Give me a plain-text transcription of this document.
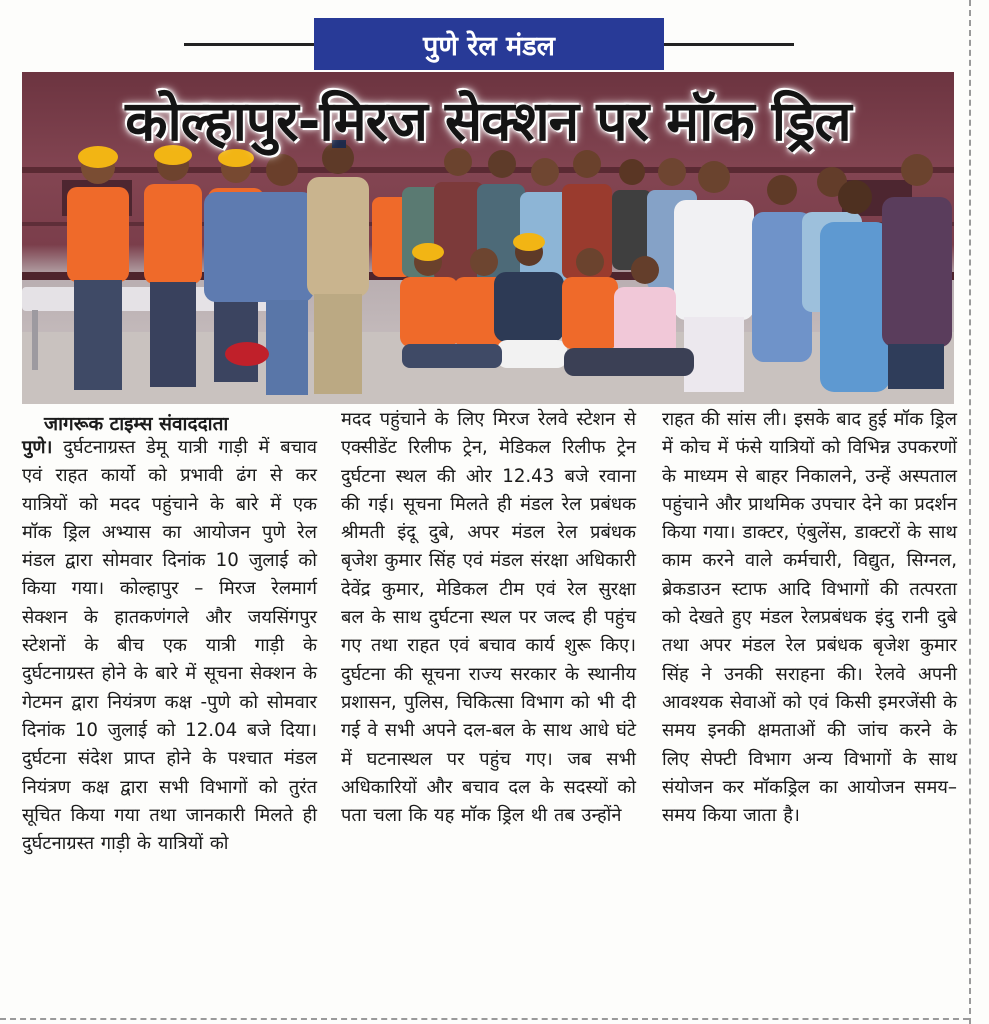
पुणे रेल मंडल
कोल्हापुर-मिरज सेक्शन पर मॉक ड्रिल
जागरूक टाइम्स संवाददाता
पुणे। दुर्घटनाग्रस्त डेमू यात्री गाड़ी में बचाव एवं राहत कार्यो को प्रभावी ढंग से कर यात्रियों को मदद पहुंचाने के बारे में एक मॉक ड्रिल अभ्यास का आयोजन पुणे रेल मंडल द्वारा सोमवार दिनांक 10 जुलाई को किया गया। कोल्हापुर – मिरज रेलमार्ग सेक्शन के हातकणंगले और जयसिंगपुर स्टेशनों के बीच एक यात्री गाड़ी के दुर्घटनाग्रस्त होने के बारे में सूचना सेक्शन के गेटमन द्वारा नियंत्रण कक्ष -पुणे को सोमवार दिनांक 10 जुलाई को 12.04 बजे दिया। दुर्घटना संदेश प्राप्त होने के पश्चात मंडल नियंत्रण कक्ष द्वारा सभी विभागों को तुरंत सूचित किया गया तथा जानकारी मिलते ही दुर्घटनाग्रस्त गाड़ी के यात्रियों को
मदद पहुंचाने के लिए मिरज रेलवे स्टेशन से एक्सीडेंट रिलीफ ट्रेन, मेडिकल रिलीफ ट्रेन दुर्घटना स्थल की ओर 12.43 बजे रवाना की गई। सूचना मिलते ही मंडल रेल प्रबंधक श्रीमती इंदू दुबे, अपर मंडल रेल प्रबंधक बृजेश कुमार सिंह एवं मंडल संरक्षा अधिकारी देवेंद्र कुमार, मेडिकल टीम एवं रेल सुरक्षा बल के साथ दुर्घटना स्थल पर जल्द ही पहुंच गए तथा राहत एवं बचाव कार्य शुरू किए। दुर्घटना की सूचना राज्य सरकार के स्थानीय प्रशासन, पुलिस, चिकित्सा विभाग को भी दी गई वे सभी अपने दल-बल के साथ आधे घंटे में घटनास्थल पर पहुंच गए। जब सभी अधिकारियों और बचाव दल के सदस्यों को पता चला कि यह मॉक ड्रिल थी तब उन्होंने
राहत की सांस ली। इसके बाद हुई मॉक ड्रिल में कोच में फंसे यात्रियों को विभिन्न उपकरणों के माध्यम से बाहर निकालने, उन्हें अस्पताल पहुंचाने और प्राथमिक उपचार देने का प्रदर्शन किया गया। डाक्टर, एंबुलेंस, डाक्टरों के साथ काम करने वाले कर्मचारी, विद्युत, सिग्नल, ब्रेकडाउन स्टाफ आदि विभागों की तत्परता को देखते हुए मंडल रेलप्रबंधक इंदु रानी दुबे तथा अपर मंडल रेल प्रबंधक बृजेश कुमार सिंह ने उनकी सराहना की। रेलवे अपनी आवश्यक सेवाओं को एवं किसी इमरजेंसी के समय इनकी क्षमताओं की जांच करने के लिए सेफ्टी विभाग अन्य विभागों के साथ संयोजन कर मॉकड्रिल का आयोजन समय– समय किया जाता है।
